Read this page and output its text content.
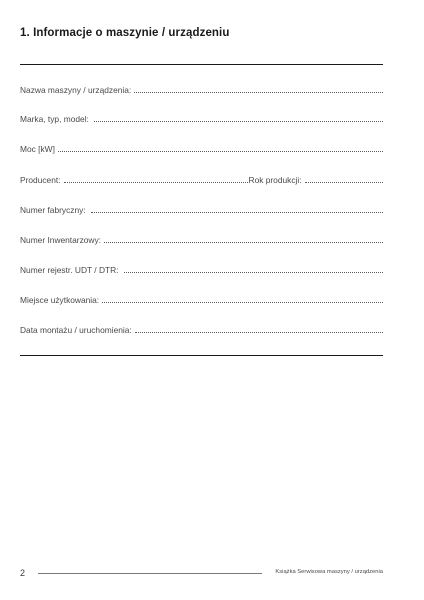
1. Informacje o maszynie / urządzeniu
Nazwa maszyny / urządzenia:
Marka, typ, model:
Moc [kW]
Producent:	Rok produkcji:
Numer fabryczny:
Numer Inwentarzowy:
Numer rejestr. UDT / DTR:
Miejsce użytkowania:
Data montażu / uruchomienia:
2	Książka Serwisowa maszyny / urządzenia
